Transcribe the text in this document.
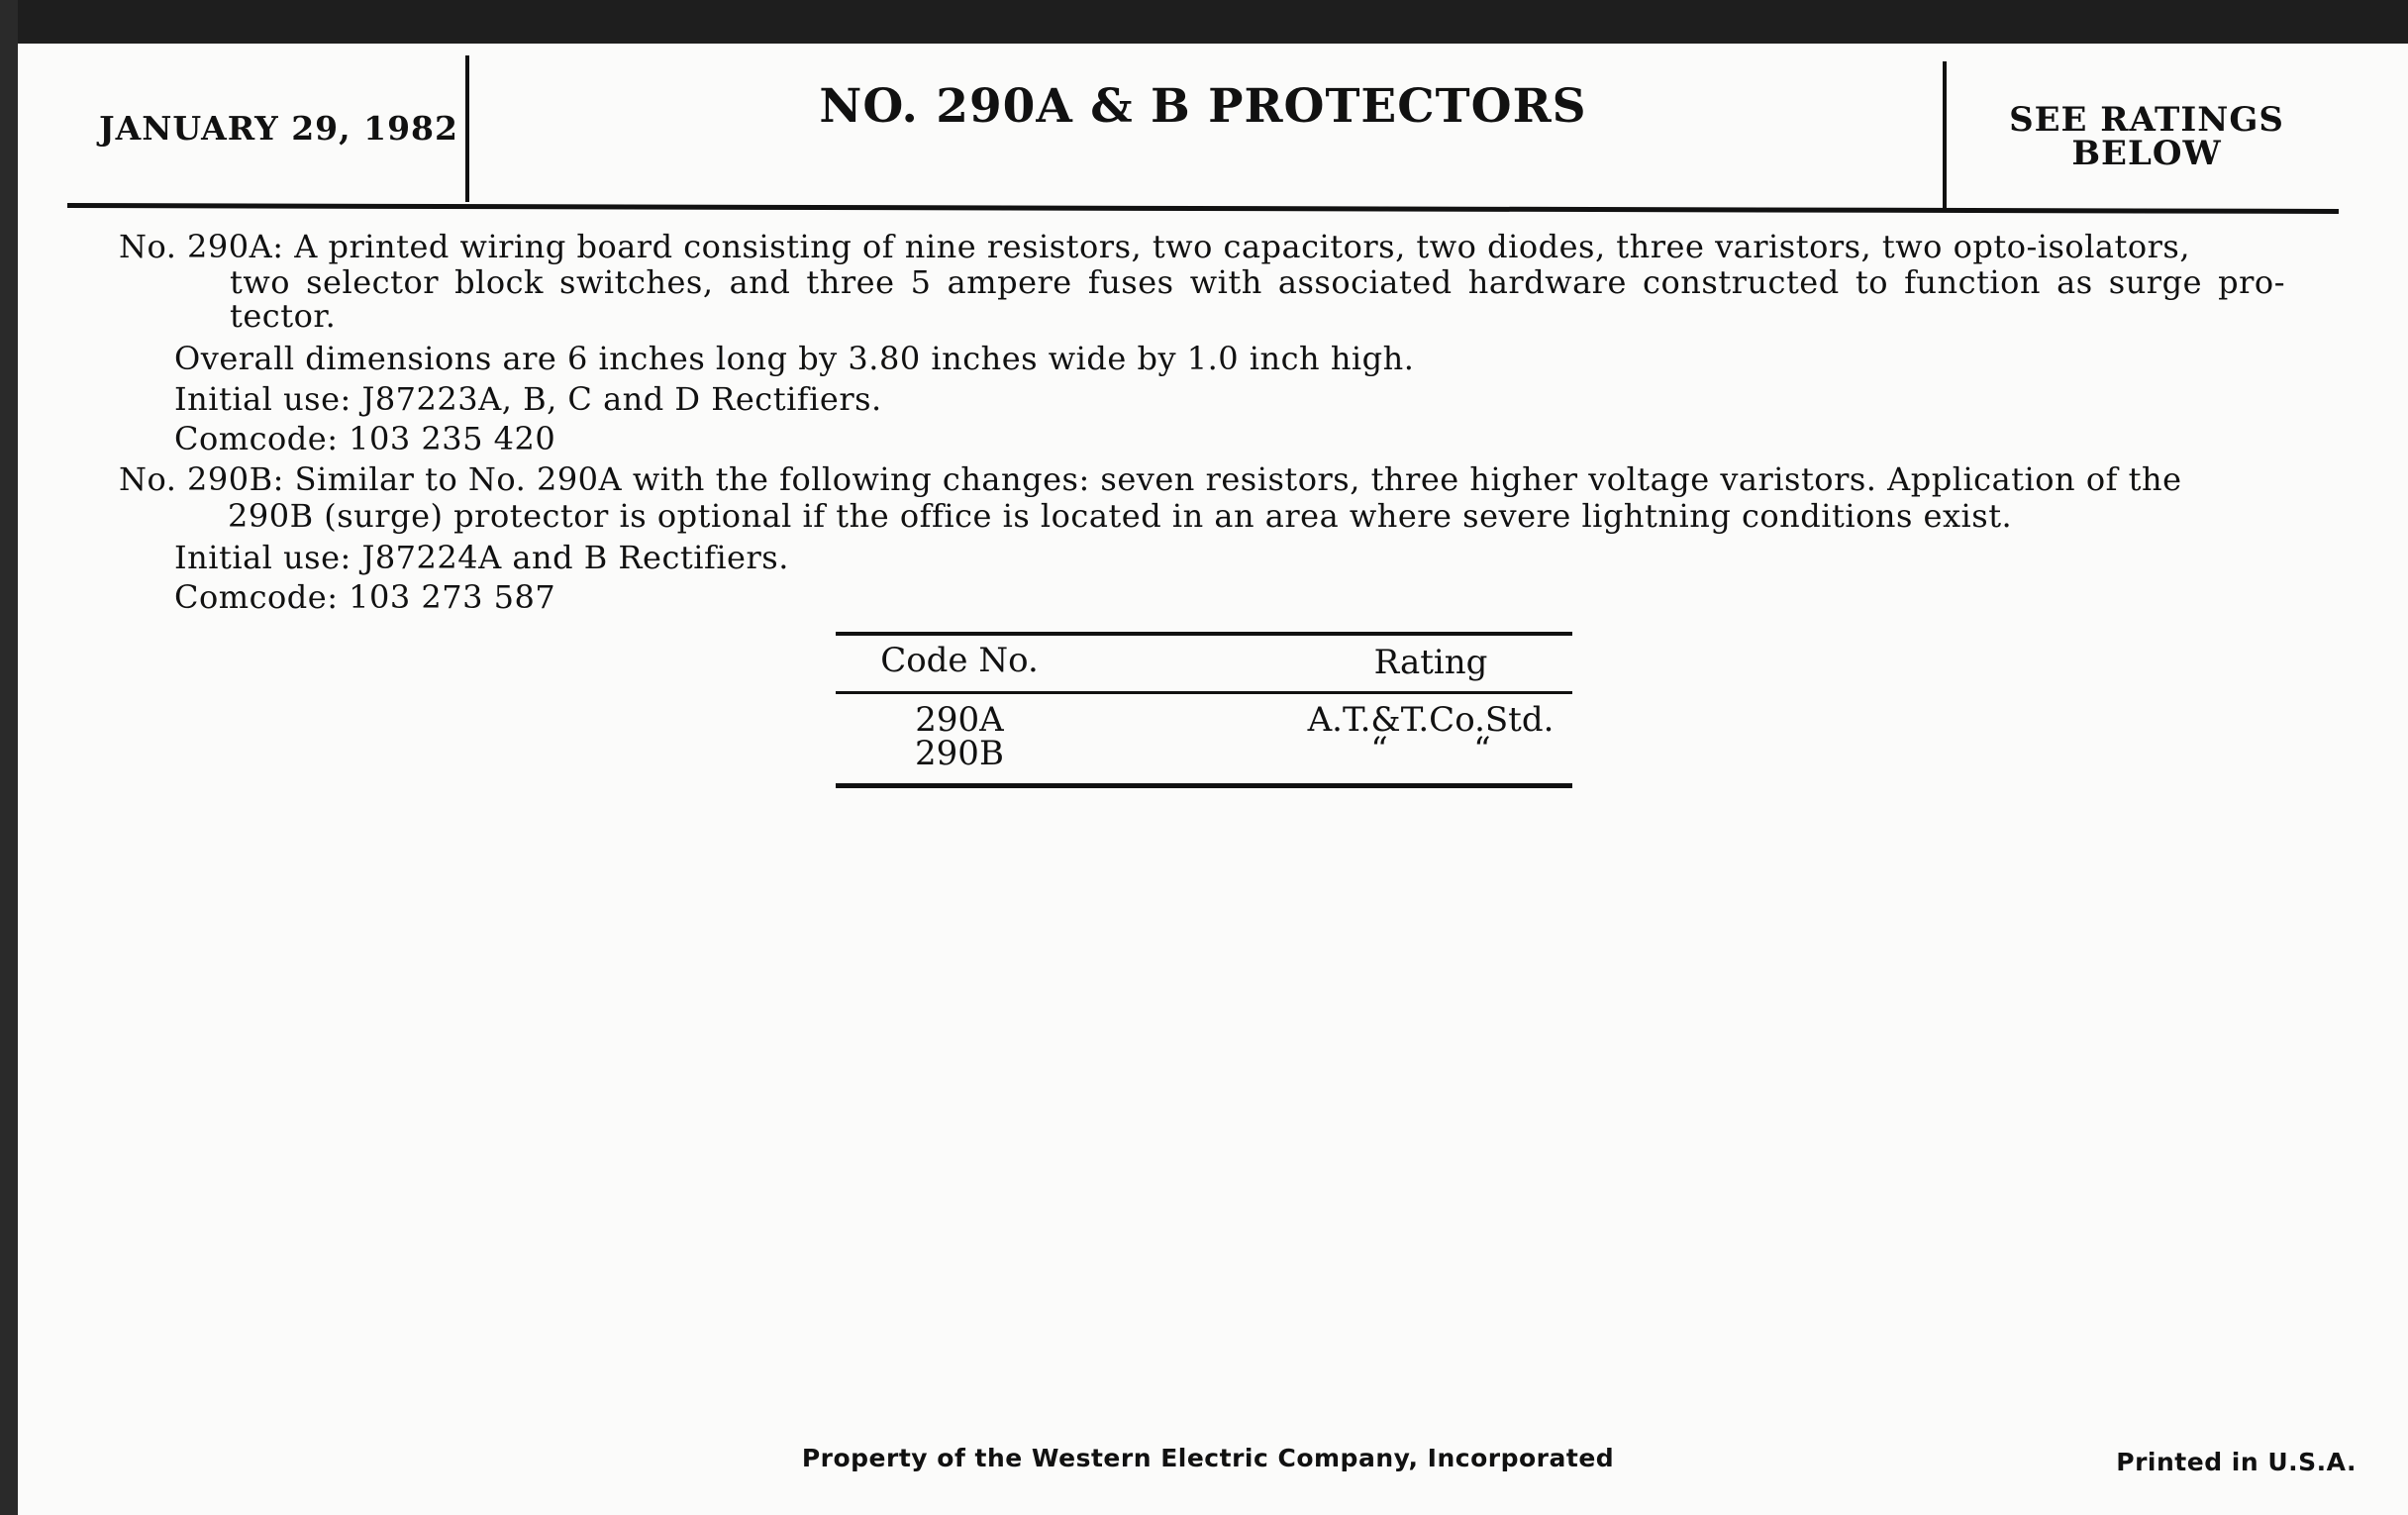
JANUARY 29, 1982	NO. 290A & B PROTECTORS	SEE RATINGS
BELOW
No. 290A: A printed wiring board consisting of nine resistors, two capacitors, two diodes, three varistors, two opto-isolators,
two selector block switches, and three 5 ampere fuses with associated hardware constructed to function as surge pro-
tector.
Overall dimensions are 6 inches long by 3.80 inches wide by 1.0 inch high.
Initial use: J87223A, B, C and D Rectifiers.
Comcode: 103 235 420
No. 290B: Similar to No. 290A with the following changes: seven resistors, three higher voltage varistors. Application of the
290B (surge) protector is optional if the office is located in an area where severe lightning conditions exist.
Initial use: J87224A and B Rectifiers.
Comcode: 103 273 587
Code No.	Rating
290A	A.T.&T.Co.Std.
290B	“        “
Property of the Western Electric Company, Incorporated	Printed in U.S.A.
